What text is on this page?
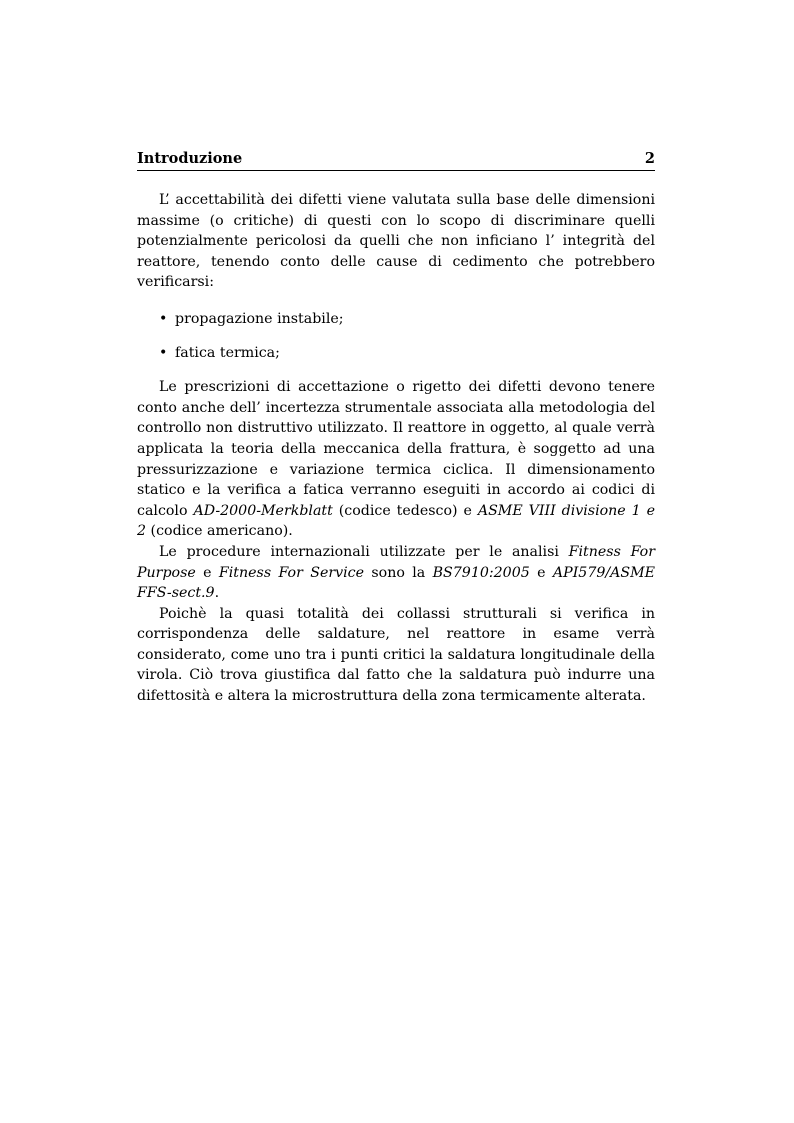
Introduzione	2

L’ accettabilità dei difetti viene valutata sulla base delle dimensioni massime (o critiche) di questi con lo scopo di discriminare quelli potenzialmente pericolosi da quelli che non inficiano l’ integrità del reattore, tenendo conto delle cause di cedimento che potrebbero verificarsi:

• propagazione instabile;
• fatica termica;

Le prescrizioni di accettazione o rigetto dei difetti devono tenere conto anche dell’ incertezza strumentale associata alla metodologia del controllo non distruttivo utilizzato. Il reattore in oggetto, al quale verrà applicata la teoria della meccanica della frattura, è soggetto ad una pressurizzazione e variazione termica ciclica. Il dimensionamento statico e la verifica a fatica verranno eseguiti in accordo ai codici di calcolo AD-2000-Merkblatt (codice tedesco) e ASME VIII divisione 1 e 2 (codice americano).

Le procedure internazionali utilizzate per le analisi Fitness For Purpose e Fitness For Service sono la BS7910:2005 e API579/ASME FFS-sect.9.

Poichè la quasi totalità dei collassi strutturali si verifica in corrispondenza delle saldature, nel reattore in esame verrà considerato, come uno tra i punti critici la saldatura longitudinale della virola. Ciò trova giustifica dal fatto che la saldatura può indurre una difettosità e altera la microstruttura della zona termicamente alterata.
